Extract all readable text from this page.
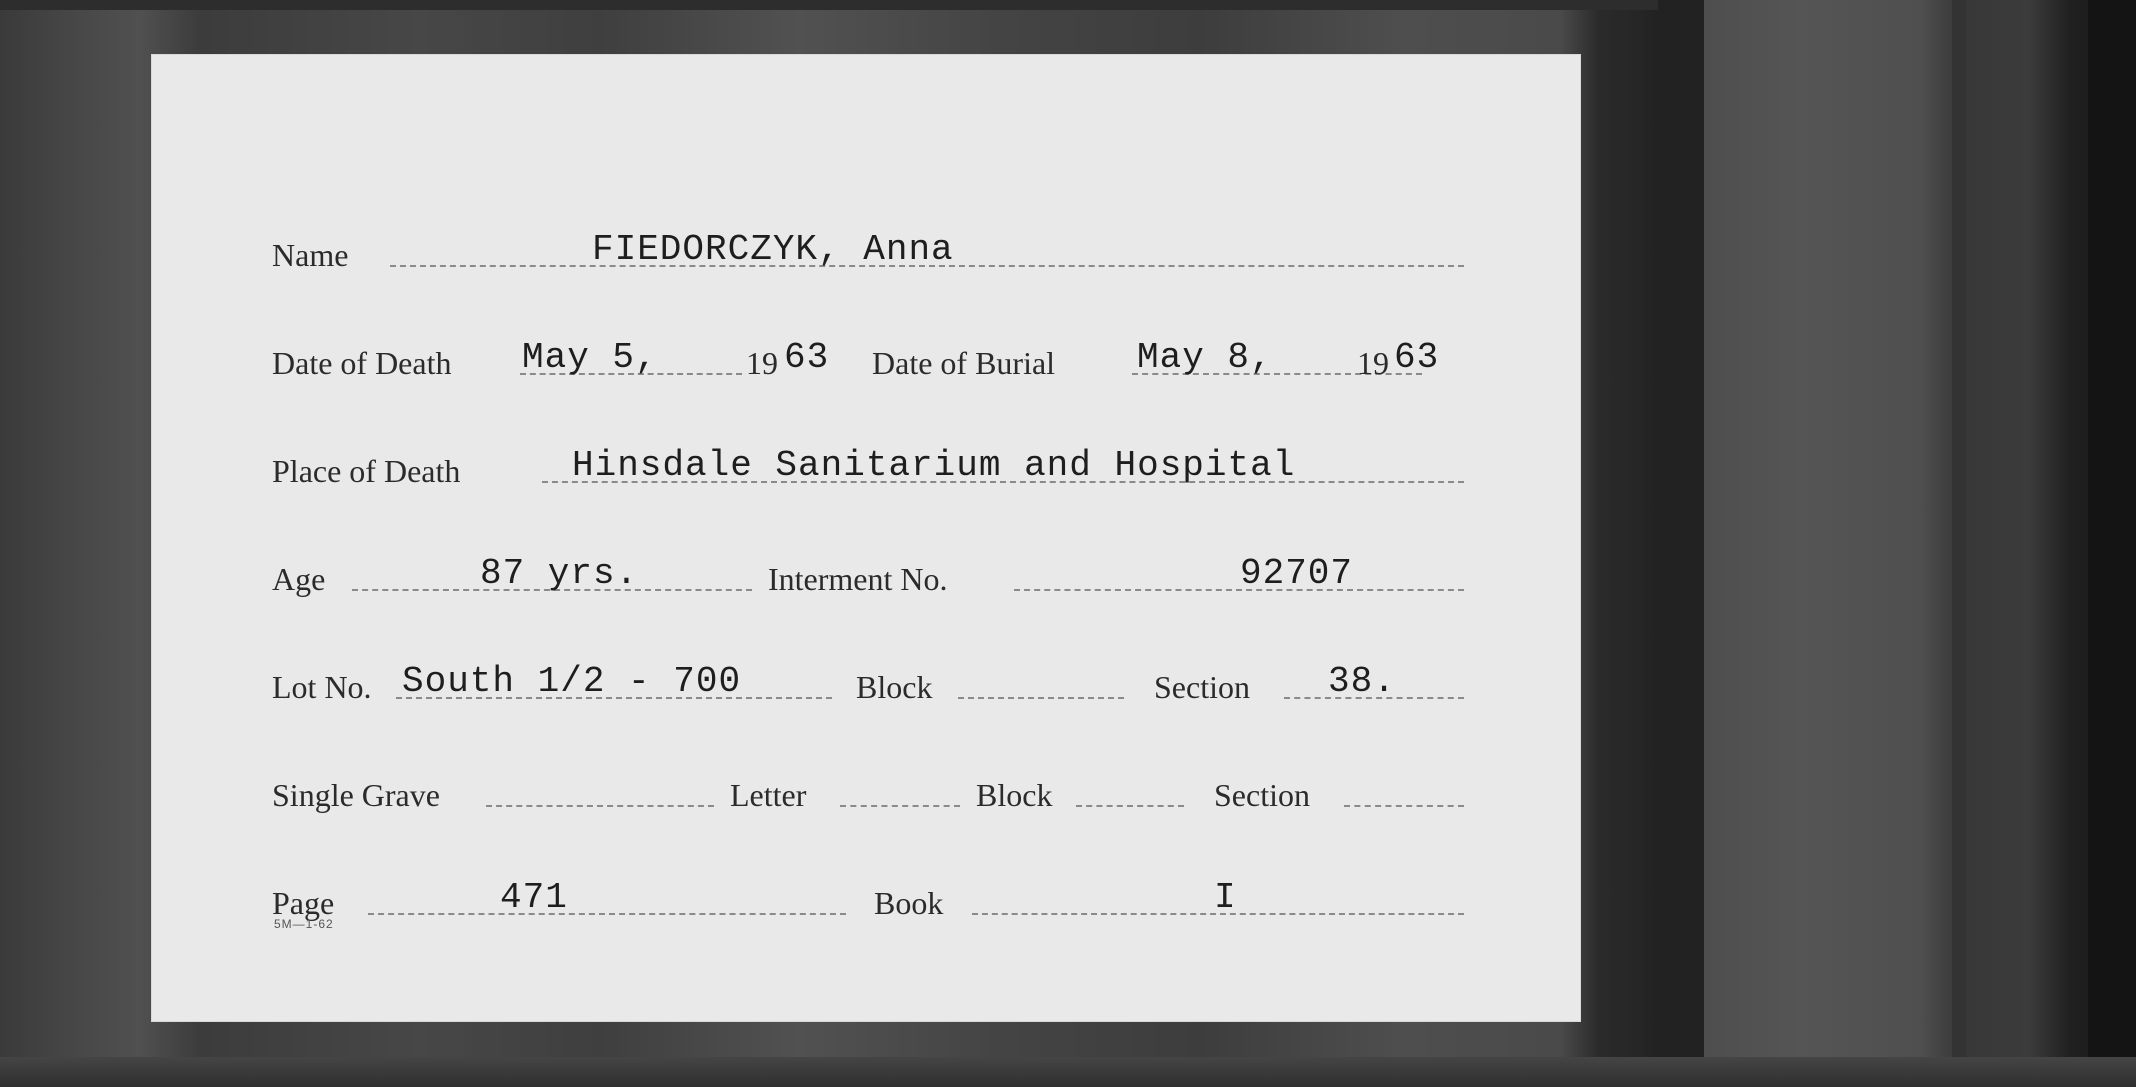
Name	FIEDORCZYK, Anna
Date of Death May 5,	19 63 Date of Burial May 8,	19 63
Place of Death	Hinsdale Sanitarium and Hospital
Age	87 yrs.	Interment No.	92707
Lot No. South 1/2 - 700	Block	Section 38.
Single Grave	Letter	Block	Section
Page	471	Book	I
5M—1-62
